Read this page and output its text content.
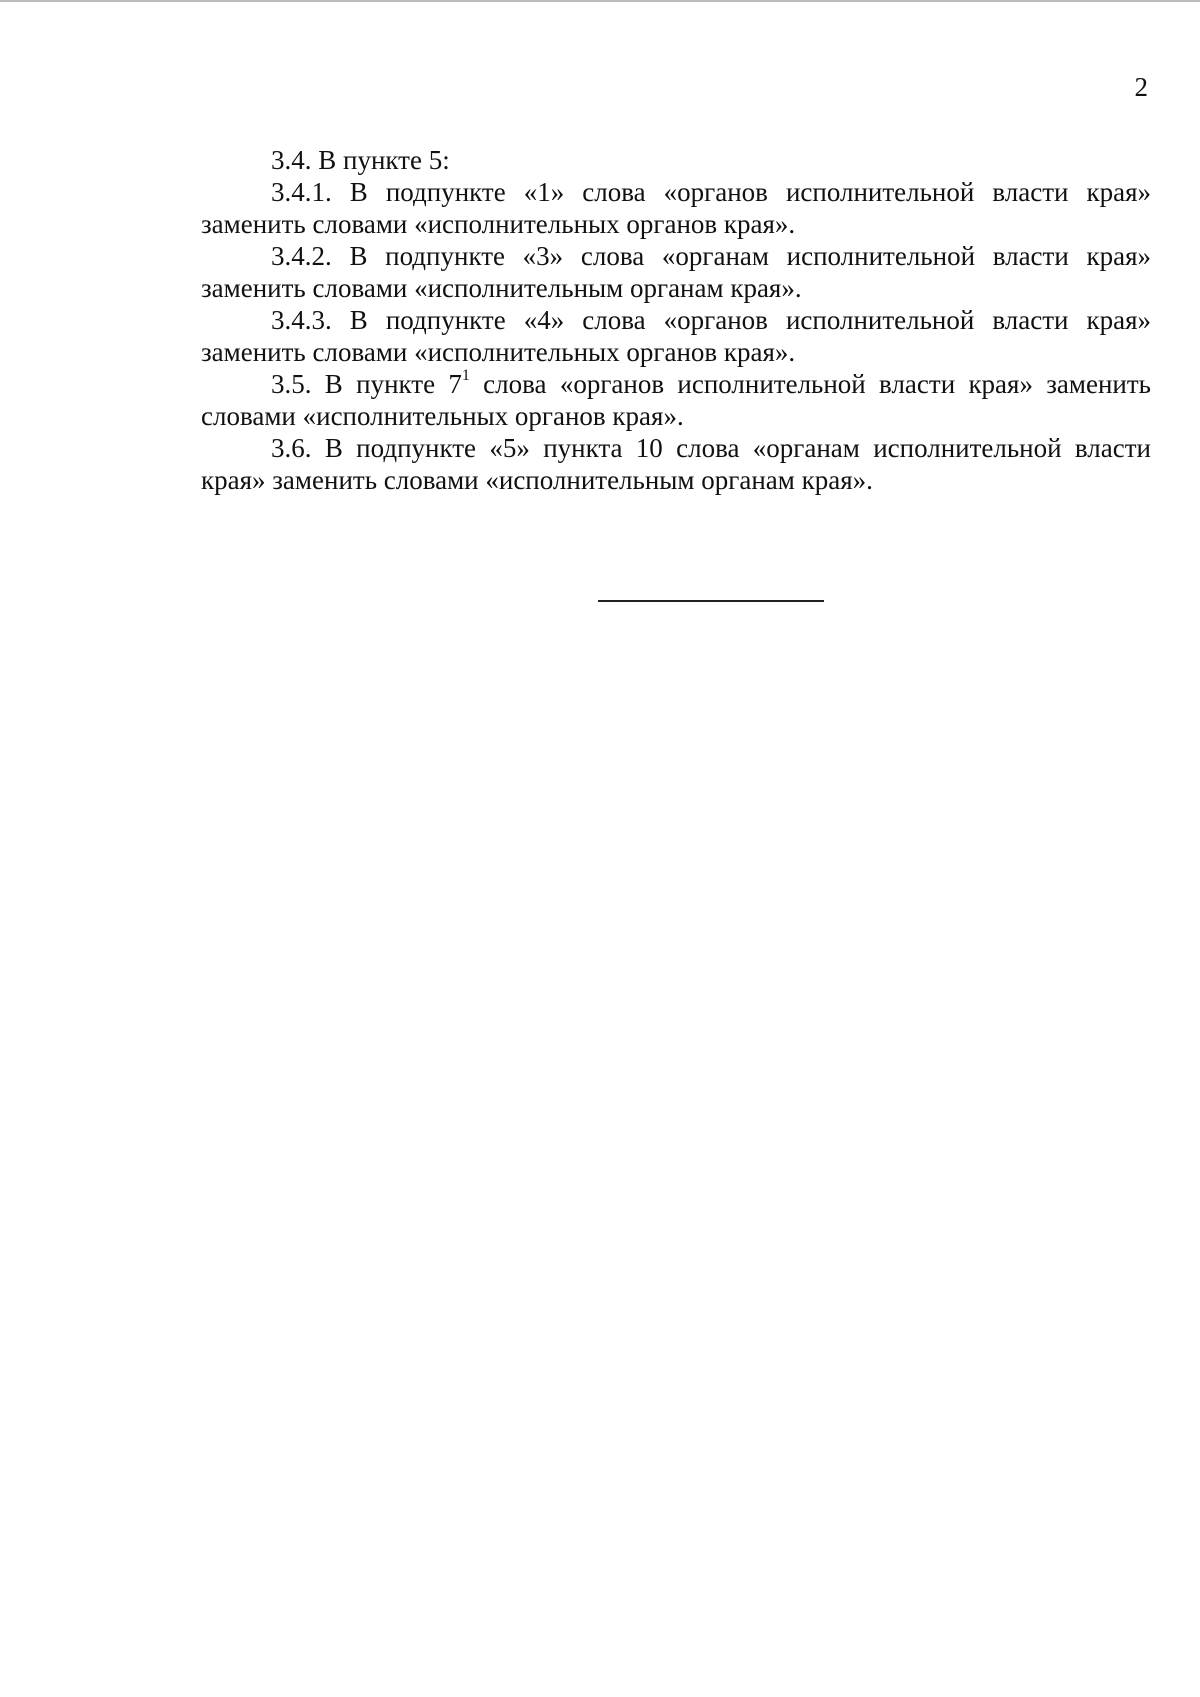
2

3.4. В пункте 5:

3.4.1. В подпункте «1» слова «органов исполнительной власти края» заменить словами «исполнительных органов края».

3.4.2. В подпункте «3» слова «органам исполнительной власти края» заменить словами «исполнительным органам края».

3.4.3. В подпункте «4» слова «органов исполнительной власти края» заменить словами «исполнительных органов края».

3.5. В пункте $7^1$ слова «органов исполнительной власти края» заменить словами «исполнительных органов края».

3.6. В подпункте «5» пункта 10 слова «органам исполнительной власти края» заменить словами «исполнительным органам края».
